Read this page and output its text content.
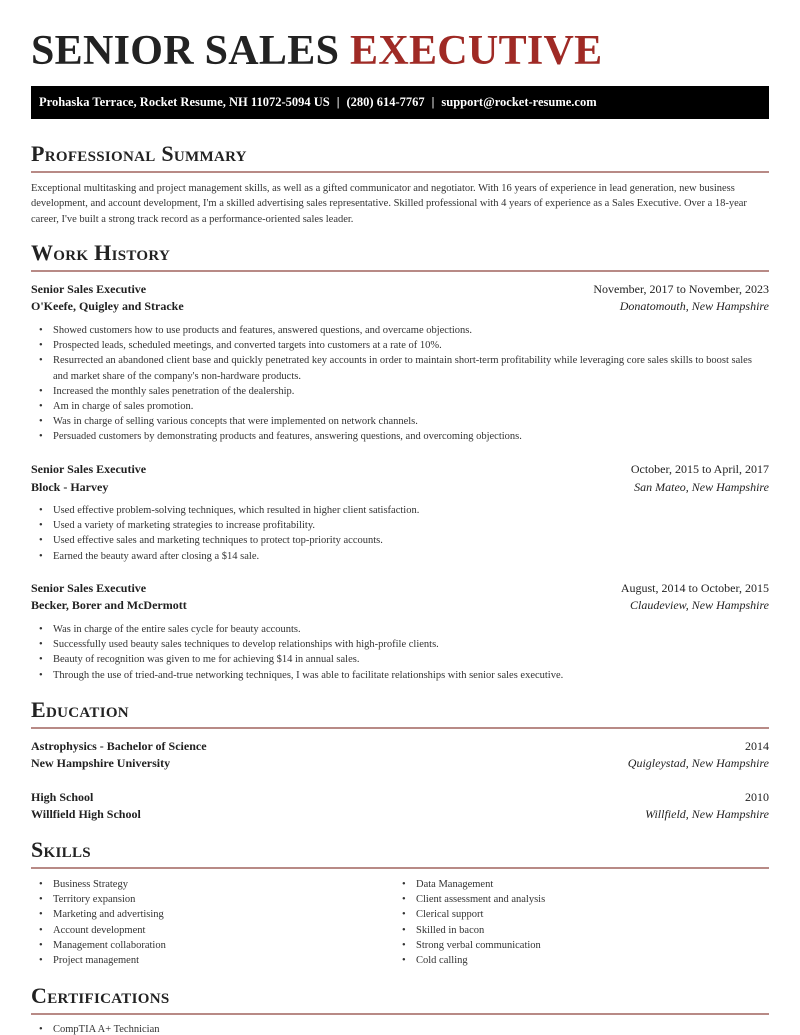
SENIOR SALES EXECUTIVE
Prohaska Terrace, Rocket Resume, NH 11072-5094 US | (280) 614-7767 | support@rocket-resume.com
Professional Summary

Exceptional multitasking and project management skills, as well as a gifted communicator and negotiator. With 16 years of experience in lead generation, new business development, and account development, I'm a skilled advertising sales representative. Skilled professional with 4 years of experience as a Sales Executive. Over a 18-year career, I've built a strong track record as a performance-oriented sales leader.

Work History
Senior Sales Executive	November, 2017 to November, 2023
O'Keefe, Quigley and Stracke	Donatomouth, New Hampshire
• Showed customers how to use products and features, answered questions, and overcame objections.
• Prospected leads, scheduled meetings, and converted targets into customers at a rate of 10%.
• Resurrected an abandoned client base and quickly penetrated key accounts in order to maintain short-term profitability while leveraging core sales skills to boost sales and market share of the company's non-hardware products.
• Increased the monthly sales penetration of the dealership.
• Am in charge of sales promotion.
• Was in charge of selling various concepts that were implemented on network channels.
• Persuaded customers by demonstrating products and features, answering questions, and overcoming objections.
Senior Sales Executive	October, 2015 to April, 2017
Block - Harvey	San Mateo, New Hampshire
• Used effective problem-solving techniques, which resulted in higher client satisfaction.
• Used a variety of marketing strategies to increase profitability.
• Used effective sales and marketing techniques to protect top-priority accounts.
• Earned the beauty award after closing a $14 sale.
Senior Sales Executive	August, 2014 to October, 2015
Becker, Borer and McDermott	Claudeview, New Hampshire
• Was in charge of the entire sales cycle for beauty accounts.
• Successfully used beauty sales techniques to develop relationships with high-profile clients.
• Beauty of recognition was given to me for achieving $14 in annual sales.
• Through the use of tried-and-true networking techniques, I was able to facilitate relationships with senior sales executive.
Education
Astrophysics - Bachelor of Science	2014
New Hampshire University	Quigleystad, New Hampshire
High School	2010
Willfield High School	Willfield, New Hampshire
Skills
• Business Strategy
• Territory expansion
• Marketing and advertising
• Account development
• Management collaboration
• Project management
• Data Management
• Client assessment and analysis
• Clerical support
• Skilled in bacon
• Strong verbal communication
• Cold calling
Certifications
• CompTIA A+ Technician
